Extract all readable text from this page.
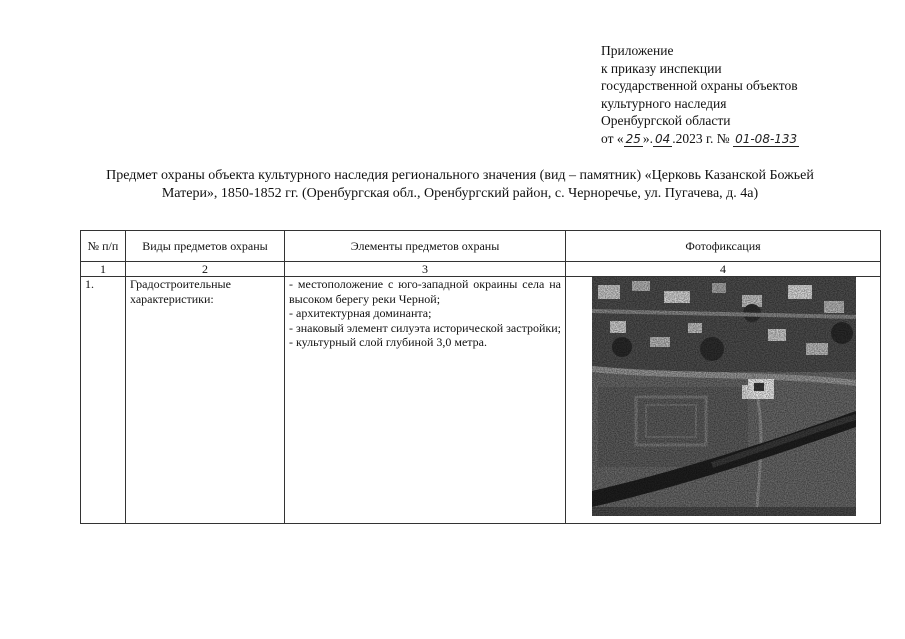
Приложение
к приказу инспекции
государственной охраны объектов
культурного наследия
Оренбургской области
от « 25 ». 04 .2023 г. № 01-08-133
Предмет охраны объекта культурного наследия регионального значения (вид – памятник) «Церковь Казанской Божьей
Матери», 1850-1852 гг. (Оренбургская обл., Оренбургский район, с. Черноречье, ул. Пугачева, д. 4а)
№ п/п	Виды предметов охраны	Элементы предметов охраны	Фотофиксация
1	2	3	4
1.	Градостроительные характеристики:	- местоположение с юго-западной окраины села на высоком берегу реки Черной;
- архитектурная доминанта;
- знаковый элемент силуэта исторической застройки;
- культурный слой глубиной 3,0 метра.
